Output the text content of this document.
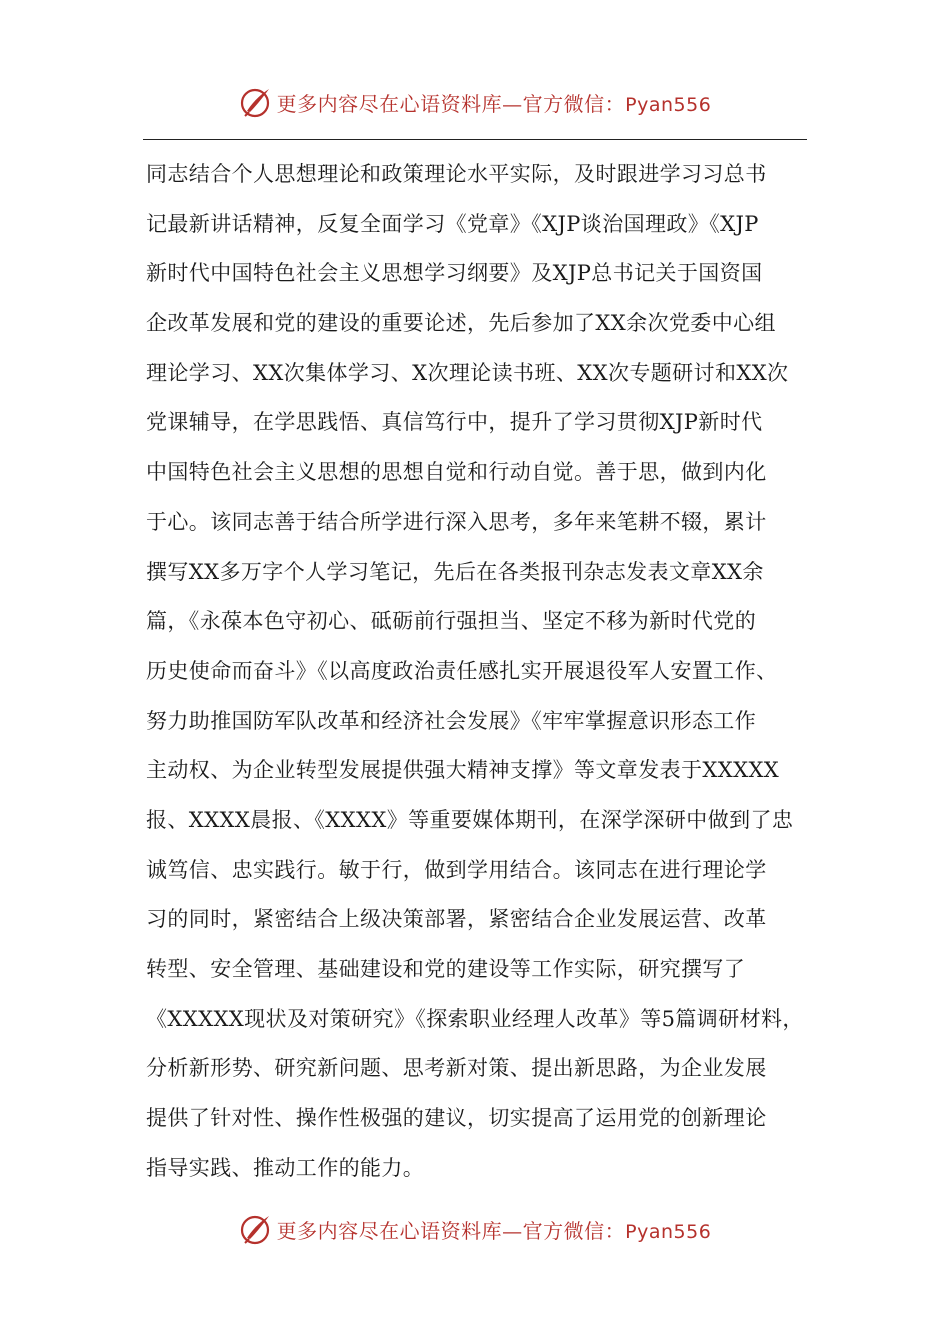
更多内容尽在心语资料库—官方微信：Pyan556
同志结合个人思想理论和政策理论水平实际，及时跟进学习习总书
记最新讲话精神，反复全面学习《党章》《XJP谈治国理政》《XJP
新时代中国特色社会主义思想学习纲要》及XJP总书记关于国资国
企改革发展和党的建设的重要论述，先后参加了XX余次党委中心组
理论学习、XX次集体学习、X次理论读书班、XX次专题研讨和XX次
党课辅导，在学思践悟、真信笃行中，提升了学习贯彻XJP新时代
中国特色社会主义思想的思想自觉和行动自觉。善于思，做到内化
于心。该同志善于结合所学进行深入思考，多年来笔耕不辍，累计
撰写XX多万字个人学习笔记，先后在各类报刊杂志发表文章XX余
篇，《永葆本色守初心、砥砺前行强担当、坚定不移为新时代党的
历史使命而奋斗》《以高度政治责任感扎实开展退役军人安置工作、
努力助推国防军队改革和经济社会发展》《牢牢掌握意识形态工作
主动权、为企业转型发展提供强大精神支撑》等文章发表于XXXXX
报、XXXX晨报、《XXXX》等重要媒体期刊，在深学深研中做到了忠
诚笃信、忠实践行。敏于行，做到学用结合。该同志在进行理论学
习的同时，紧密结合上级决策部署，紧密结合企业发展运营、改革
转型、安全管理、基础建设和党的建设等工作实际，研究撰写了
《XXXXX现状及对策研究》《探索职业经理人改革》等5篇调研材料，
分析新形势、研究新问题、思考新对策、提出新思路，为企业发展
提供了针对性、操作性极强的建议，切实提高了运用党的创新理论
指导实践、推动工作的能力。
更多内容尽在心语资料库—官方微信：Pyan556
